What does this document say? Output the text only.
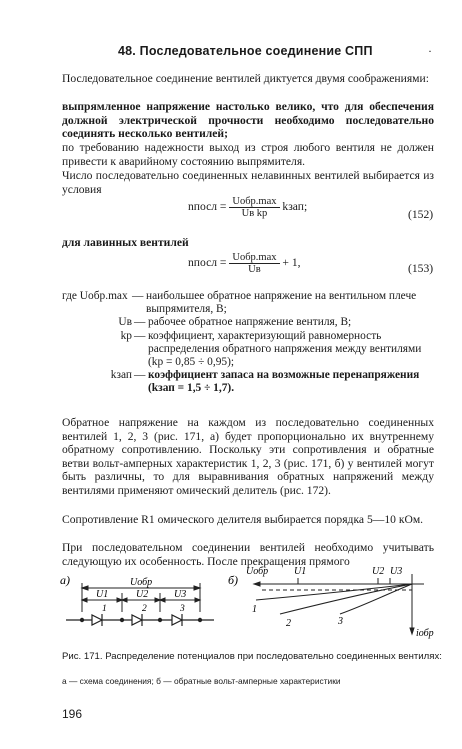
48. Последовательное соединение СПП	·
Последовательное соединение вентилей диктуется двумя соображениями:
выпрямленное напряжение настолько велико, что для обеспечения должной электрической прочности необходимо последовательно соединять несколько вентилей;
по требованию надежности выход из строя любого вентиля не должен привести к аварийному состоянию выпрямителя.
Число последовательно соединенных нелавинных вентилей выбирается из условия
nпосл = $\frac{\text{Uобр.max}}{\text{Uв kр}}$ kзап;
(152)
для лавинных вентилей
nпосл = $\frac{\text{Uобр.max}}{Uв} + 1$,	(153)
где Uобр.max — наибольшее обратное напряжение на вентильном плече выпрямителя, В;
Uв — рабочее обратное напряжение вентиля, В;
kр — коэффициент, характеризующий равномерность распределения обратного напряжения между вентилями (kр = 0,85 ÷ 0,95);
kзап — коэффициент запаса на возможные перенапряжения (kзап = 1,5 ÷ 1,7).
Обратное напряжение на каждом из последовательно соединенных вентилей 1, 2, 3 (рис. 171, а) будет пропорционально их внутреннему обратному сопротивлению. Поскольку эти сопротивления и обратные ветви вольт-амперных характеристик 1, 2, 3 (рис. 171, б) у вентилей могут быть различны, то для выравнивания обратных напряжений между вентилями применяют омический делитель (рис. 172).
Сопротивление R1 омического делителя выбирается порядка 5—10 кОм.
При последовательном соединении вентилей необходимо учитывать следующую их особенность. После прекращения прямого
а)	Uобр
U1	U2	U3
1	2	3
б)
Uобр	U1	U2 U3
iобр
1
2	3
Рис. 171. Распределение потенциалов при последовательно соединенных вентилях:
а — схема соединения; б — обратные вольт-амперные характеристики
196
